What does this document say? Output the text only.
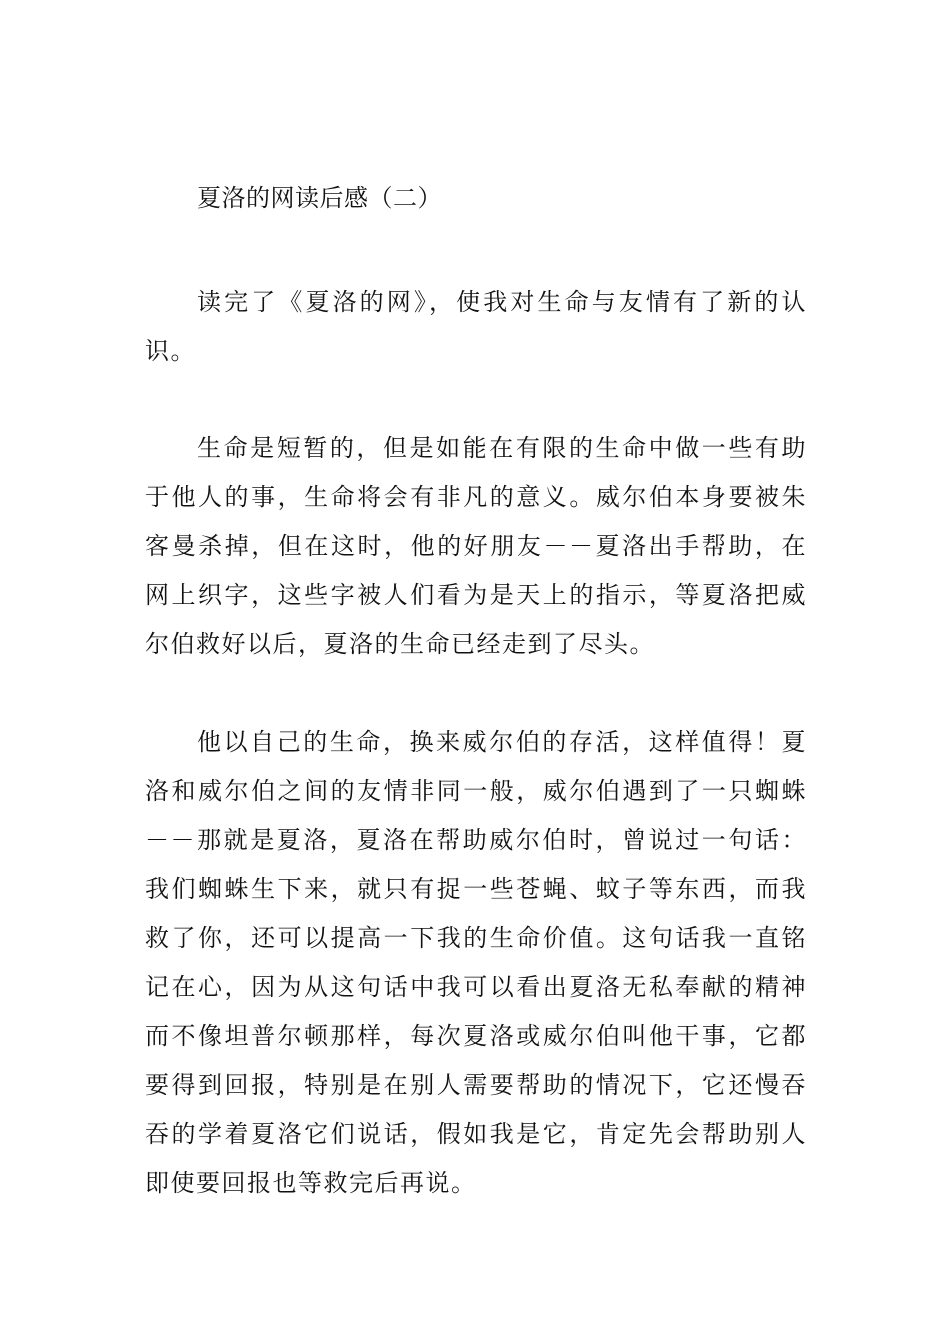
夏洛的网读后感（二）

读完了《夏洛的网》，使我对生命与友情有了新的认识。

生命是短暂的，但是如能在有限的生命中做一些有助于他人的事，生命将会有非凡的意义。威尔伯本身要被朱客曼杀掉，但在这时，他的好朋友－－夏洛出手帮助，在网上织字，这些字被人们看为是天上的指示，等夏洛把威尔伯救好以后，夏洛的生命已经走到了尽头。

他以自己的生命，换来威尔伯的存活，这样值得！夏洛和威尔伯之间的友情非同一般，威尔伯遇到了一只蜘蛛－－那就是夏洛，夏洛在帮助威尔伯时，曾说过一句话：我们蜘蛛生下来，就只有捉一些苍蝇、蚊子等东西，而我救了你，还可以提高一下我的生命价值。这句话我一直铭记在心，因为从这句话中我可以看出夏洛无私奉献的精神而不像坦普尔顿那样，每次夏洛或威尔伯叫他干事，它都要得到回报，特别是在别人需要帮助的情况下，它还慢吞吞的学着夏洛它们说话，假如我是它，肯定先会帮助别人即使要回报也等救完后再说。
